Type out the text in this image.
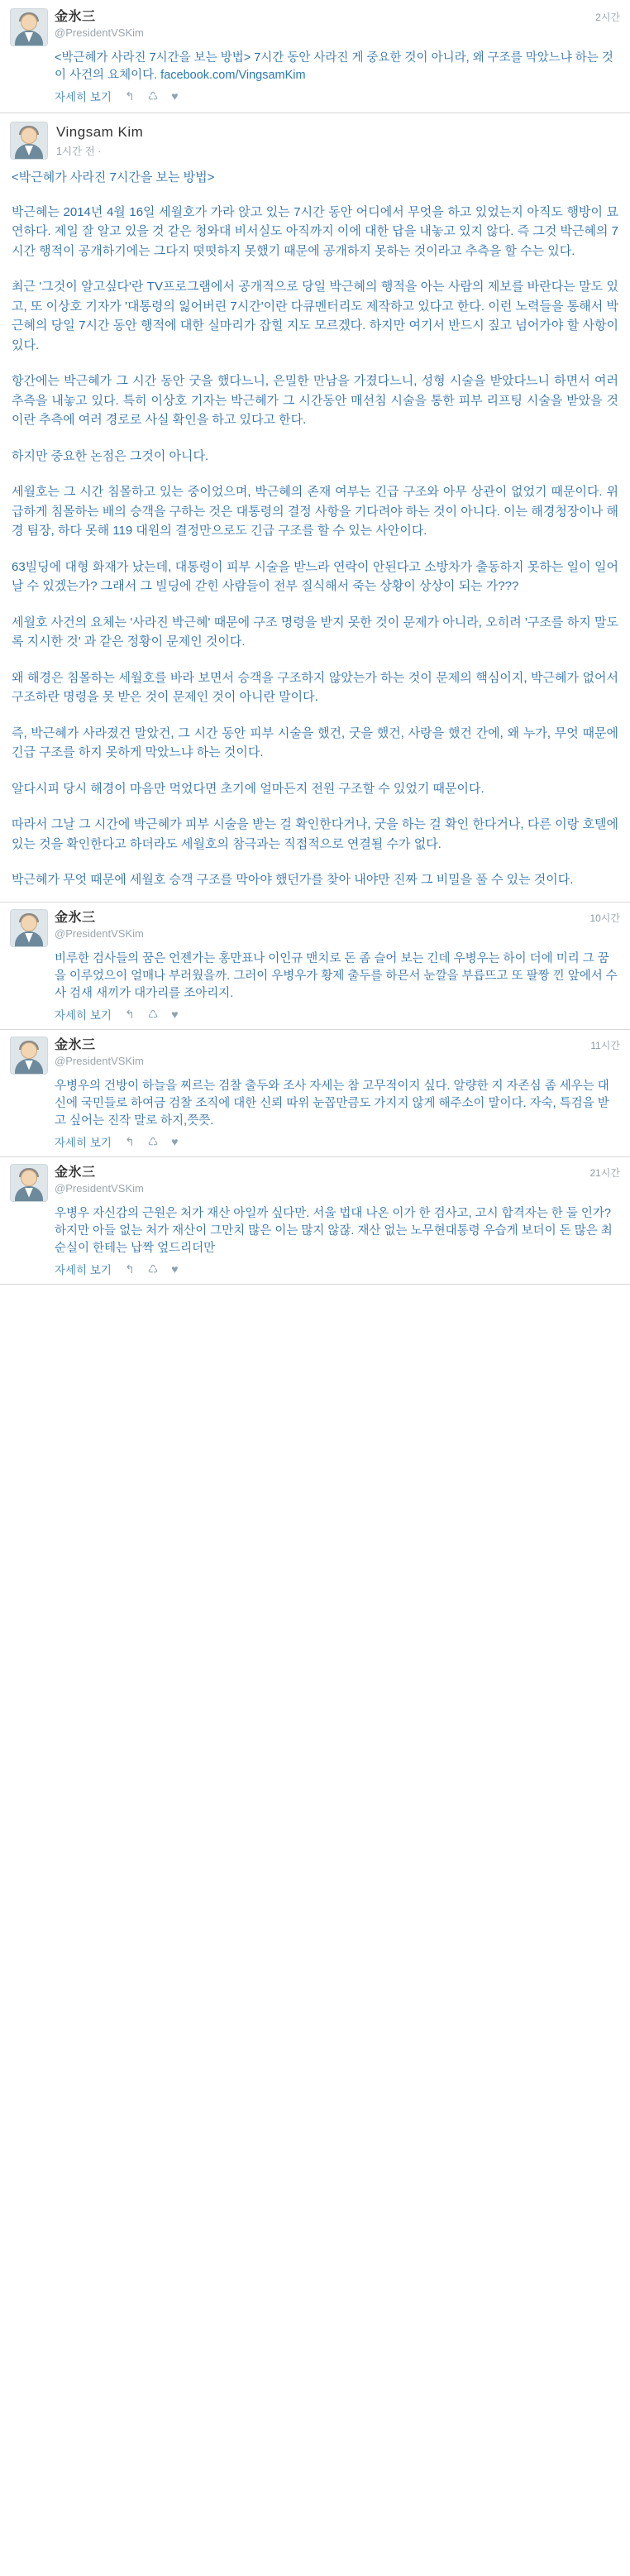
金氷三
@PresidentVSKim
2시간
<박근혜가 사라진 7시간을 보는 방법> 7시간 동안 사라진 게 중요한 것이 아니라, 왜 구조를 막았느냐 하는 것이 사건의 요체이다. facebook.com/VingsamKim
자세히 보기 ↰ ♺ ♥
Vingsam Kim
1시간 전 ·

<박근혜가 사라진 7시간을 보는 방법>

박근혜는 2014년 4월 16일 세월호가 가라 앉고 있는 7시간 동안 어디에서 무엇을 하고 있었는지 아직도 행방이 묘연하다. 제일 잘 알고 있을 것 같은 청와대 비서실도 아직까지 이에 대한 답을 내놓고 있지 않다. 즉 그것 박근혜의 7시간 행적이 공개하기에는 그다지 떳떳하지 못했기 때문에 공개하지 못하는 것이라고 추측을 할 수는 있다.

최근 '그것이 알고싶다'란 TV프로그램에서 공개적으로 당일 박근혜의 행적을 아는 사람의 제보를 바란다는 말도 있고, 또 이상호 기자가 '대통령의 잃어버린 7시간'이란 다큐멘터리도 제작하고 있다고 한다. 이런 노력들을 통해서 박근혜의 당일 7시간 동안 행적에 대한 실마리가 잡힐 지도 모르겠다. 하지만 여기서 반드시 짚고 넘어가야 할 사항이 있다.

항간에는 박근혜가 그 시간 동안 굿을 했다느니, 은밀한 만남을 가졌다느니, 성형 시술을 받았다느니 하면서 여러 추측을 내놓고 있다. 특히 이상호 기자는 박근혜가 그 시간동안 매선침 시술을 통한 피부 리프팅 시술을 받았을 것이란 추측에 여러 경로로 사실 확인을 하고 있다고 한다.

하지만 중요한 논점은 그것이 아니다.

세월호는 그 시간 침몰하고 있는 중이었으며, 박근혜의 존재 여부는 긴급 구조와 아무 상관이 없었기 때문이다. 위급하게 침몰하는 배의 승객을 구하는 것은 대통령의 결정 사항을 기다려야 하는 것이 아니다. 이는 해경청장이나 해경 팀장, 하다 못해 119 대원의 결정만으로도 긴급 구조를 할 수 있는 사안이다.

63빌딩에 대형 화재가 났는데, 대통령이 피부 시술을 받느라 연락이 안된다고 소방차가 출동하지 못하는 일이 일어날 수 있겠는가? 그래서 그 빌딩에 갇힌 사람들이 전부 질식해서 죽는 상황이 상상이 되는 가???

세월호 사건의 요체는 '사라진 박근혜' 때문에 구조 명령을 받지 못한 것이 문제가 아니라, 오히려 '구조를 하지 말도록 지시한 것' 과 같은 정황이 문제인 것이다.

왜 해경은 침몰하는 세월호를 바라 보면서 승객을 구조하지 않았는가 하는 것이 문제의 핵심이지, 박근혜가 없어서 구조하란 명령을 못 받은 것이 문제인 것이 아니란 말이다.

즉, 박근혜가 사라졌건 말았건, 그 시간 동안 피부 시술을 했건, 굿을 했건, 사랑을 했건 간에, 왜 누가, 무엇 때문에 긴급 구조를 하지 못하게 막았느냐 하는 것이다.

알다시피 당시 해경이 마음만 먹었다면 초기에 얼마든지 전원 구조할 수 있었기 때문이다.

따라서 그날 그 시간에 박근혜가 피부 시술을 받는 걸 확인한다거나, 굿을 하는 걸 확인 한다거나, 다른 이랑 호텔에 있는 것을 확인한다고 하더라도 세월호의 참극과는 직접적으로 연결될 수가 없다.

박근혜가 무엇 때문에 세월호 승객 구조를 막아야 했던가를 찾아 내야만 진짜 그 비밀을 풀 수 있는 것이다.

金氷三
@PresidentVSKim
10시간
비루한 검사들의 꿈은 언젠가는 홍만표나 이인규 맨치로 돈 좀 슬어 보는 긴데 우병우는 하이 더에 미리 그 꿈을 이루었으이 얼매나 부러웠을까. 그러이 우병우가 황제 출두를 하믄서 눈깔을 부릅뜨고 또 팔짱 낀 앞에서 수사 검새 새끼가 대가리를 조아리지.
자세히 보기 ↰ ♺ ♥
金氷三
@PresidentVSKim
11시간
우병우의 건방이 하늘을 찌르는 검찰 출두와 조사 자세는 참 고무적이지 싶다. 알량한 지 자존심 좀 세우는 대신에 국민들로 하여금 검찰 조직에 대한 신뢰 따위 눈꼽만큼도 가지지 않게 해주소이 말이다. 자숙, 특검을 받고 싶어는 진작 말로 하지,쯧쯧.
자세히 보기 ↰ ♺ ♥
金氷三
@PresidentVSKim
21시간
우병우 자신감의 근원은 처가 재산 아일까 싶다만. 서울 법대 나온 이가 한 검사고, 고시 합격자는 한 둘 인가? 하지만 아들 없는 처가 재산이 그만치 많은 이는 많지 않잖. 재산 없는 노무현대통령 우습게 보더이 돈 많은 최순실이 한테는 납짝 엎드리더만
자세히 보기 ↰ ♺ ♥
